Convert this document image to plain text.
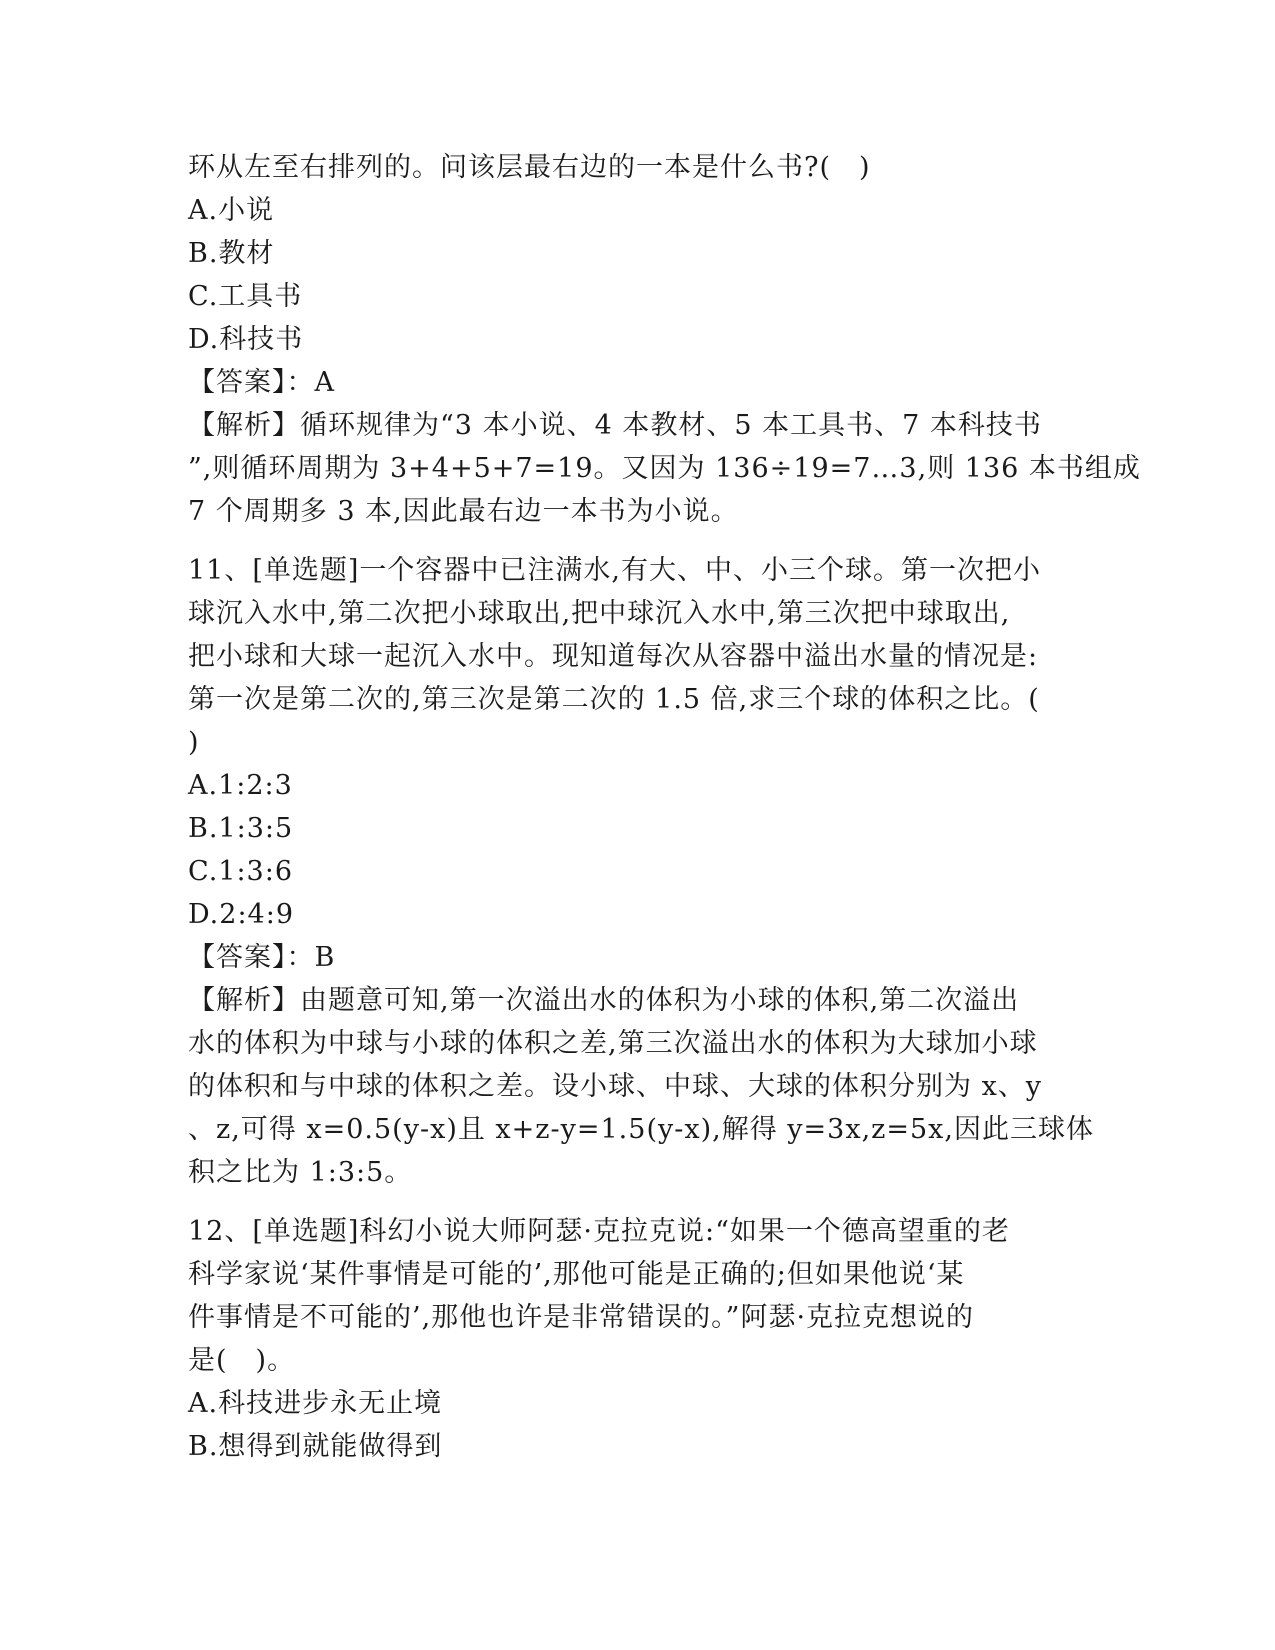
环从左至右排列的。问该层最右边的一本是什么书?(　)
A.小说
B.教材
C.工具书
D.科技书
【答案】：A
【解析】循环规律为“3 本小说、4 本教材、5 本工具书、7 本科技书
”,则循环周期为 3+4+5+7=19。又因为 136÷19=7…3,则 136 本书组成
7 个周期多 3 本,因此最右边一本书为小说。
11、[单选题]一个容器中已注满水,有大、中、小三个球。第一次把小
球沉入水中,第二次把小球取出,把中球沉入水中,第三次把中球取出,
把小球和大球一起沉入水中。现知道每次从容器中溢出水量的情况是:
第一次是第二次的,第三次是第二次的 1.5 倍,求三个球的体积之比。(
)
A.1:2:3
B.1:3:5
C.1:3:6
D.2:4:9
【答案】：B
【解析】由题意可知,第一次溢出水的体积为小球的体积,第二次溢出
水的体积为中球与小球的体积之差,第三次溢出水的体积为大球加小球
的体积和与中球的体积之差。设小球、中球、大球的体积分别为 x、y
、z,可得 x=0.5(y-x)且 x+z-y=1.5(y-x),解得 y=3x,z=5x,因此三球体
积之比为 1:3:5。
12、[单选题]科幻小说大师阿瑟·克拉克说:“如果一个德高望重的老
科学家说‘某件事情是可能的’,那他可能是正确的;但如果他说‘某
件事情是不可能的’,那他也许是非常错误的。”阿瑟·克拉克想说的
是(　)。
A.科技进步永无止境
B.想得到就能做得到
